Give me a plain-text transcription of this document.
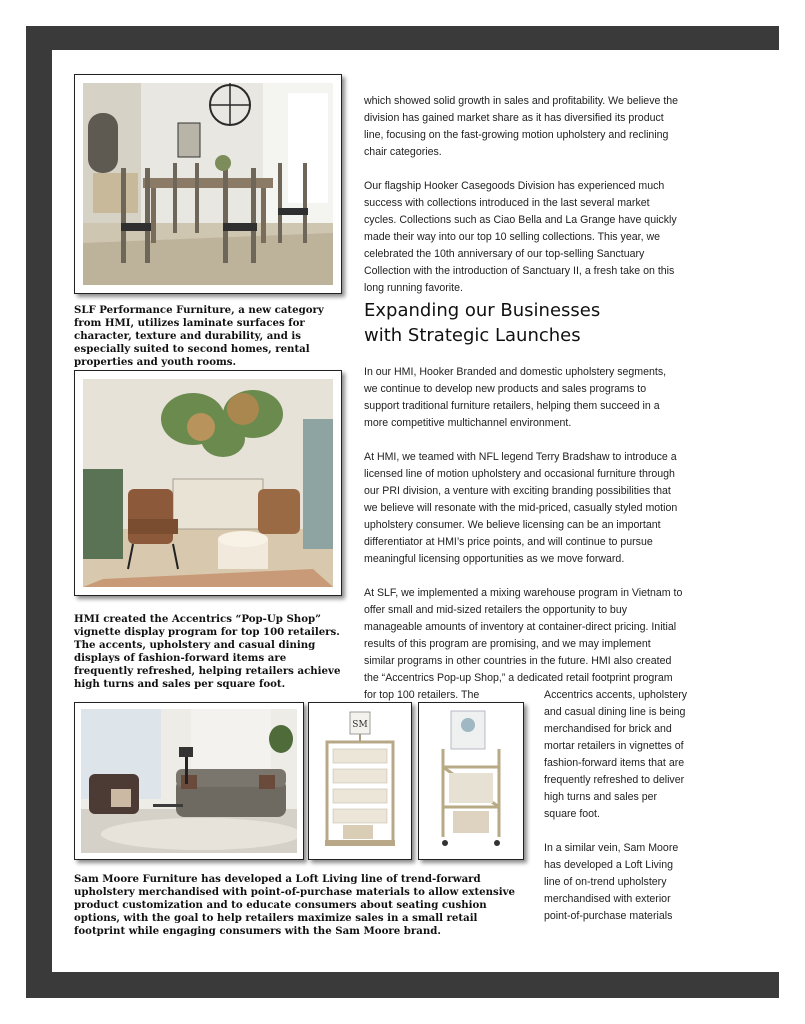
SLF Performance Furniture, a new category from HMI, utilizes laminate surfaces for character, texture and durability, and is especially suited to second homes, rental properties and youth rooms.

HMI created the Accentrics “Pop-Up Shop” vignette display program for top 100 retailers. The accents, upholstery and casual dining displays of fashion-forward items are frequently refreshed, helping retailers achieve high turns and sales per square foot.

SM

Sam Moore Furniture has developed a Loft Living line of trend-forward upholstery merchandised with point-of-purchase materials to allow extensive product customization and to educate consumers about seating cushion options, with the goal to help retailers maximize sales in a small retail footprint while engaging consumers with the Sam Moore brand.

which showed solid growth in sales and profitability. We believe the division has gained market share as it has diversified its product line, focusing on the fast-growing motion upholstery and reclining chair categories.

Our flagship Hooker Casegoods Division has experienced much success with collections introduced in the last several market cycles. Collections such as Ciao Bella and La Grange have quickly made their way into our top 10 selling collections. This year, we celebrated the 10th anniversary of our top-selling Sanctuary Collection with the introduction of Sanctuary II, a fresh take on this long running favorite.

Expanding our Businesses
with Strategic Launches

In our HMI, Hooker Branded and domestic upholstery segments, we continue to develop new products and sales programs to support traditional furniture retailers, helping them succeed in a more competitive multichannel environment.

At HMI, we teamed with NFL legend Terry Bradshaw to introduce a licensed line of motion upholstery and occasional furniture through our PRI division, a venture with exciting branding possibilities that we believe will resonate with the mid-priced, casually styled motion upholstery consumer. We believe licensing can be an important differentiator at HMI’s price points, and will continue to pursue meaningful licensing opportunities as we move forward.

At SLF, we implemented a mixing warehouse program in Vietnam to offer small and mid-sized retailers the opportunity to buy manageable amounts of inventory at container-direct pricing. Initial results of this program are promising, and we may implement similar programs in other countries in the future. HMI also created the “Accentrics Pop-up Shop,” a dedicated retail footprint program for top 100 retailers. The	Accentrics accents, upholstery and casual dining line is being merchandised for brick and mortar retailers in vignettes of fashion-forward items that are frequently refreshed to deliver high turns and sales per square foot.

In a similar vein, Sam Moore has developed a Loft Living line of on-trend upholstery merchandised with exterior point-of-purchase materials
